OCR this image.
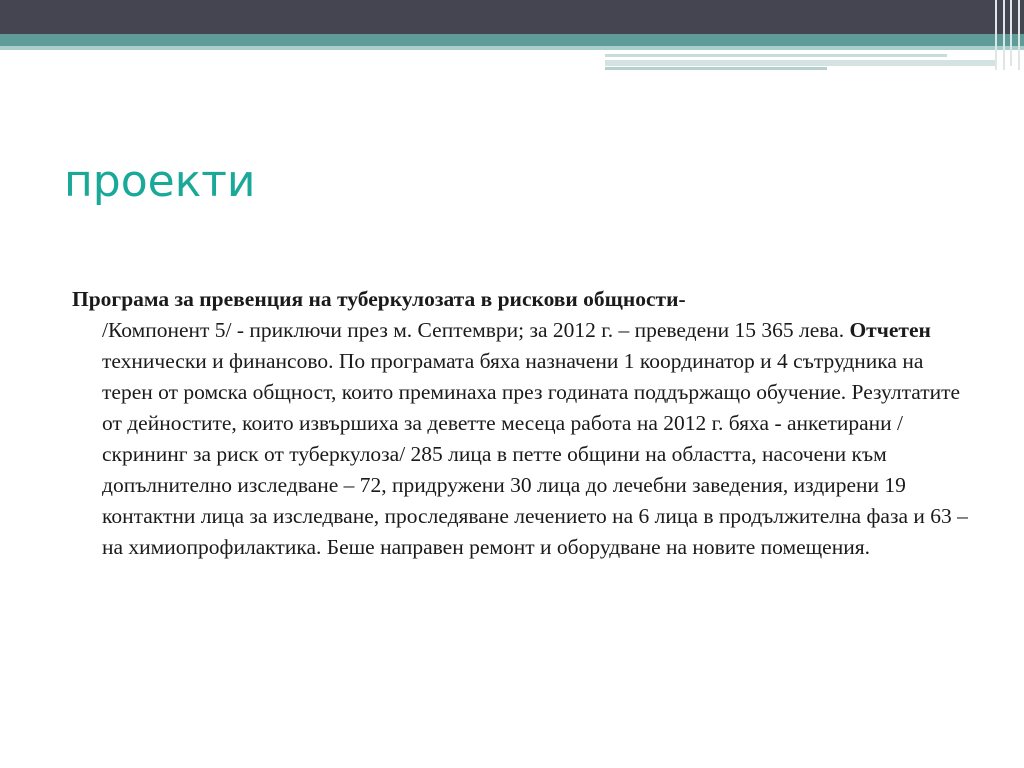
проекти

Програма за превенция на туберкулозата в рискови общности-
/Компонент 5/ - приключи през м. Септември; за 2012 г. – преведени 15 365 лева. Отчетен технически и финансово. По програмата бяха назначени 1 координатор и 4 сътрудника на терен от ромска общност, които преминаха през годината поддържащо обучение. Резултатите от дейностите, които извършиха за деветте месеца работа на 2012 г. бяха - анкетирани /скрининг за риск от туберкулоза/ 285 лица в петте общини на областта, насочени към допълнително изследване – 72, придружени 30 лица до лечебни заведения, издирени 19 контактни лица за изследване, проследяване лечението на 6 лица в продължителна фаза и 63 – на химиопрофилактика. Беше направен ремонт и оборудване на новите помещения.
